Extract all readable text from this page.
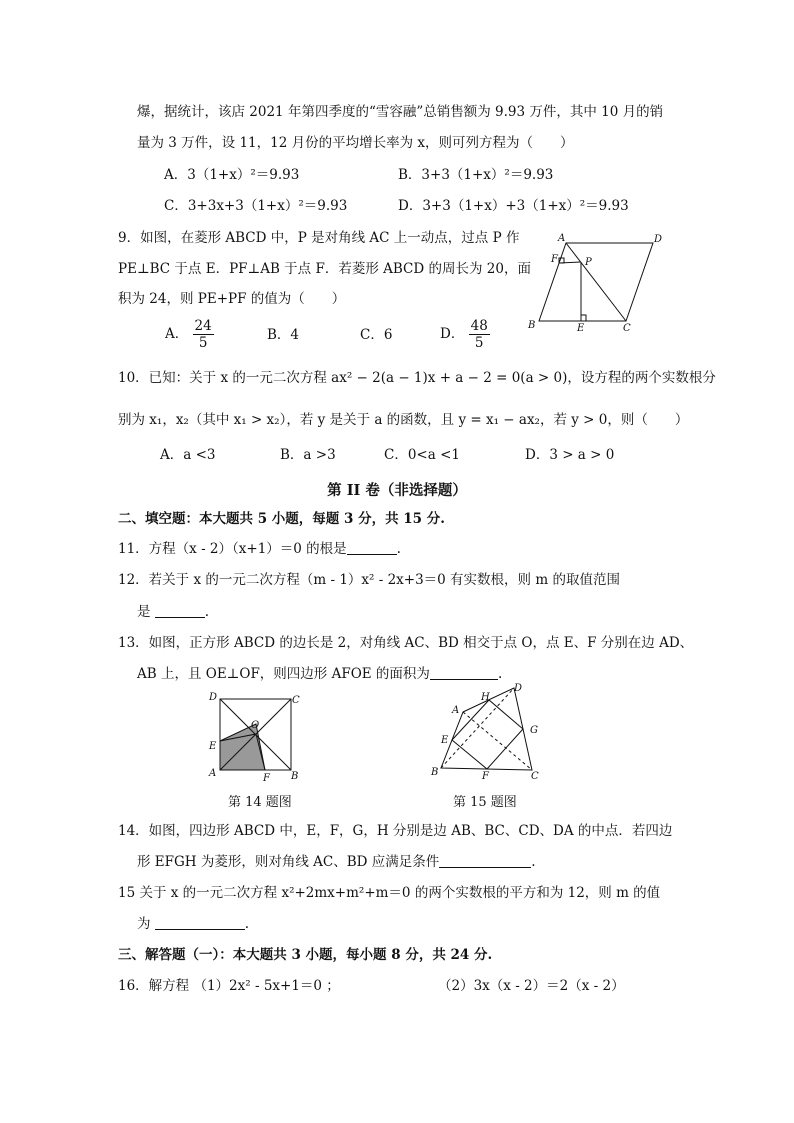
爆，据统计，该店 2021 年第四季度的“雪容融”总销售额为 9.93 万件，其中 10 月的销
量为 3 万件，设 11，12 月份的平均增长率为 x，则可列方程为（　　）
A．3（1+x）²＝9.93	B．3+3（1+x）²＝9.93
C．3+3x+3（1+x）²＝9.93	D．3+3（1+x）+3（1+x）²＝9.93
9．如图，在菱形 ABCD 中，P 是对角线 AC 上一动点，过点 P 作
PE⊥BC 于点 E．PF⊥AB 于点 F．若菱形 ABCD 的周长为 20，面
积为 24，则 PE+PF 的值为（　　）
A． $\frac{24}{5}$	B．4	C．6	D． $\frac{48}{5}$
A	D
F	P
B	E	C
10．已知：关于 x 的一元二次方程 ax² − 2(a − 1)x + a − 2 = 0(a > 0)，设方程的两个实数根分
别为 x₁，x₂（其中 x₁ > x₂），若 y 是关于 a 的函数，且 y = x₁ − ax₂，若 y > 0，则（　　）
A．a <3	B．a >3	C．0<a <1	D．3 > a > 0
第 II 卷（非选择题）
二、填空题：本大题共 5 小题，每题 3 分，共 15 分.
11．方程（x - 2）（x+1）＝0 的根是	.
12．若关于 x 的一元二次方程（m - 1）x² - 2x+3＝0 有实数根，则 m 的取值范围
是	.
13．如图，正方形 ABCD 的边长是 2，对角线 AC、BD 相交于点 O，点 E、F 分别在边 AD、
AB 上，且 OE⊥OF，则四边形 AFOE 的面积为	.
D	C
O
E
A	F B
第 14 题图
H
D
A
E
G
B	F	C
第 15 题图
14．如图，四边形 ABCD 中，E，F，G，H 分别是边 AB、BC、CD、DA 的中点．若四边
形 EFGH 为菱形，则对角线 AC、BD 应满足条件	.
15 关于 x 的一元二次方程 x²+2mx+m²+m＝0 的两个实数根的平方和为 12，则 m 的值
为	.
三、解答题（一）：本大题共 3 小题，每小题 8 分，共 24 分.
16．解方程 （1）2x² - 5x+1＝0 ；	（2）3x（x - 2）＝2（x - 2）
